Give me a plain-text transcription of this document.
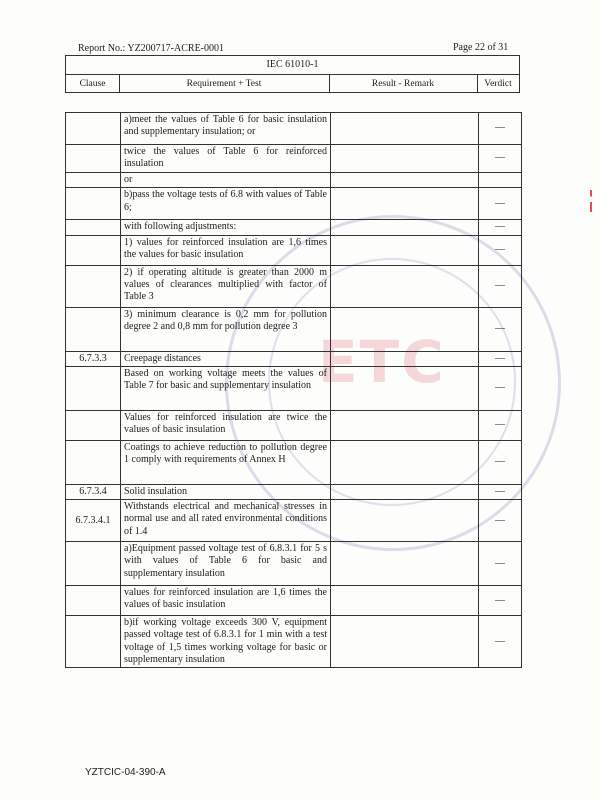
Report No.: YZ200717-ACRE-0001	Page 22 of 31
IEC 61010-1
Clause	Requirement + Test	Result - Remark	Verdict
ETC
	a)meet the values of Table 6 for basic insulation and supplementary insulation; or		—
	twice the values of Table 6 for reinforced insulation		—
	or		
	b)pass the voltage tests of 6.8 with values of Table 6;		—
	with following adjustments:		—
	1) values for reinforced insulation are 1,6 times the values for basic insulation		—
	2) if operating altitude is greater than 2000 m values of clearances multiplied with factor of Table 3		—
	3) minimum clearance is 0,2 mm for pollution degree 2 and 0,8 mm for pollution degree 3		—
6.7.3.3	Creepage distances		—
	Based on working voltage meets the values of Table 7 for basic and supplementary insulation		—
	Values for reinforced insulation are twice the values of basic insulation		—
	Coatings to achieve reduction to pollution degree 1 comply with requirements of Annex H		—
6.7.3.4	Solid insulation		—
6.7.3.4.1	Withstands electrical and mechanical stresses in normal use and all rated environmental conditions of 1.4		—
	a)Equipment passed voltage test of 6.8.3.1 for 5 s with values of Table 6 for basic and supplementary insulation		—
	values for reinforced insulation are 1,6 times the values of basic insulation		—
	b)if working voltage exceeds 300 V, equipment passed voltage test of 6.8.3.1 for 1 min with a test voltage of 1,5 times working voltage for basic or supplementary insulation		—
YZTCIC-04-390-A
